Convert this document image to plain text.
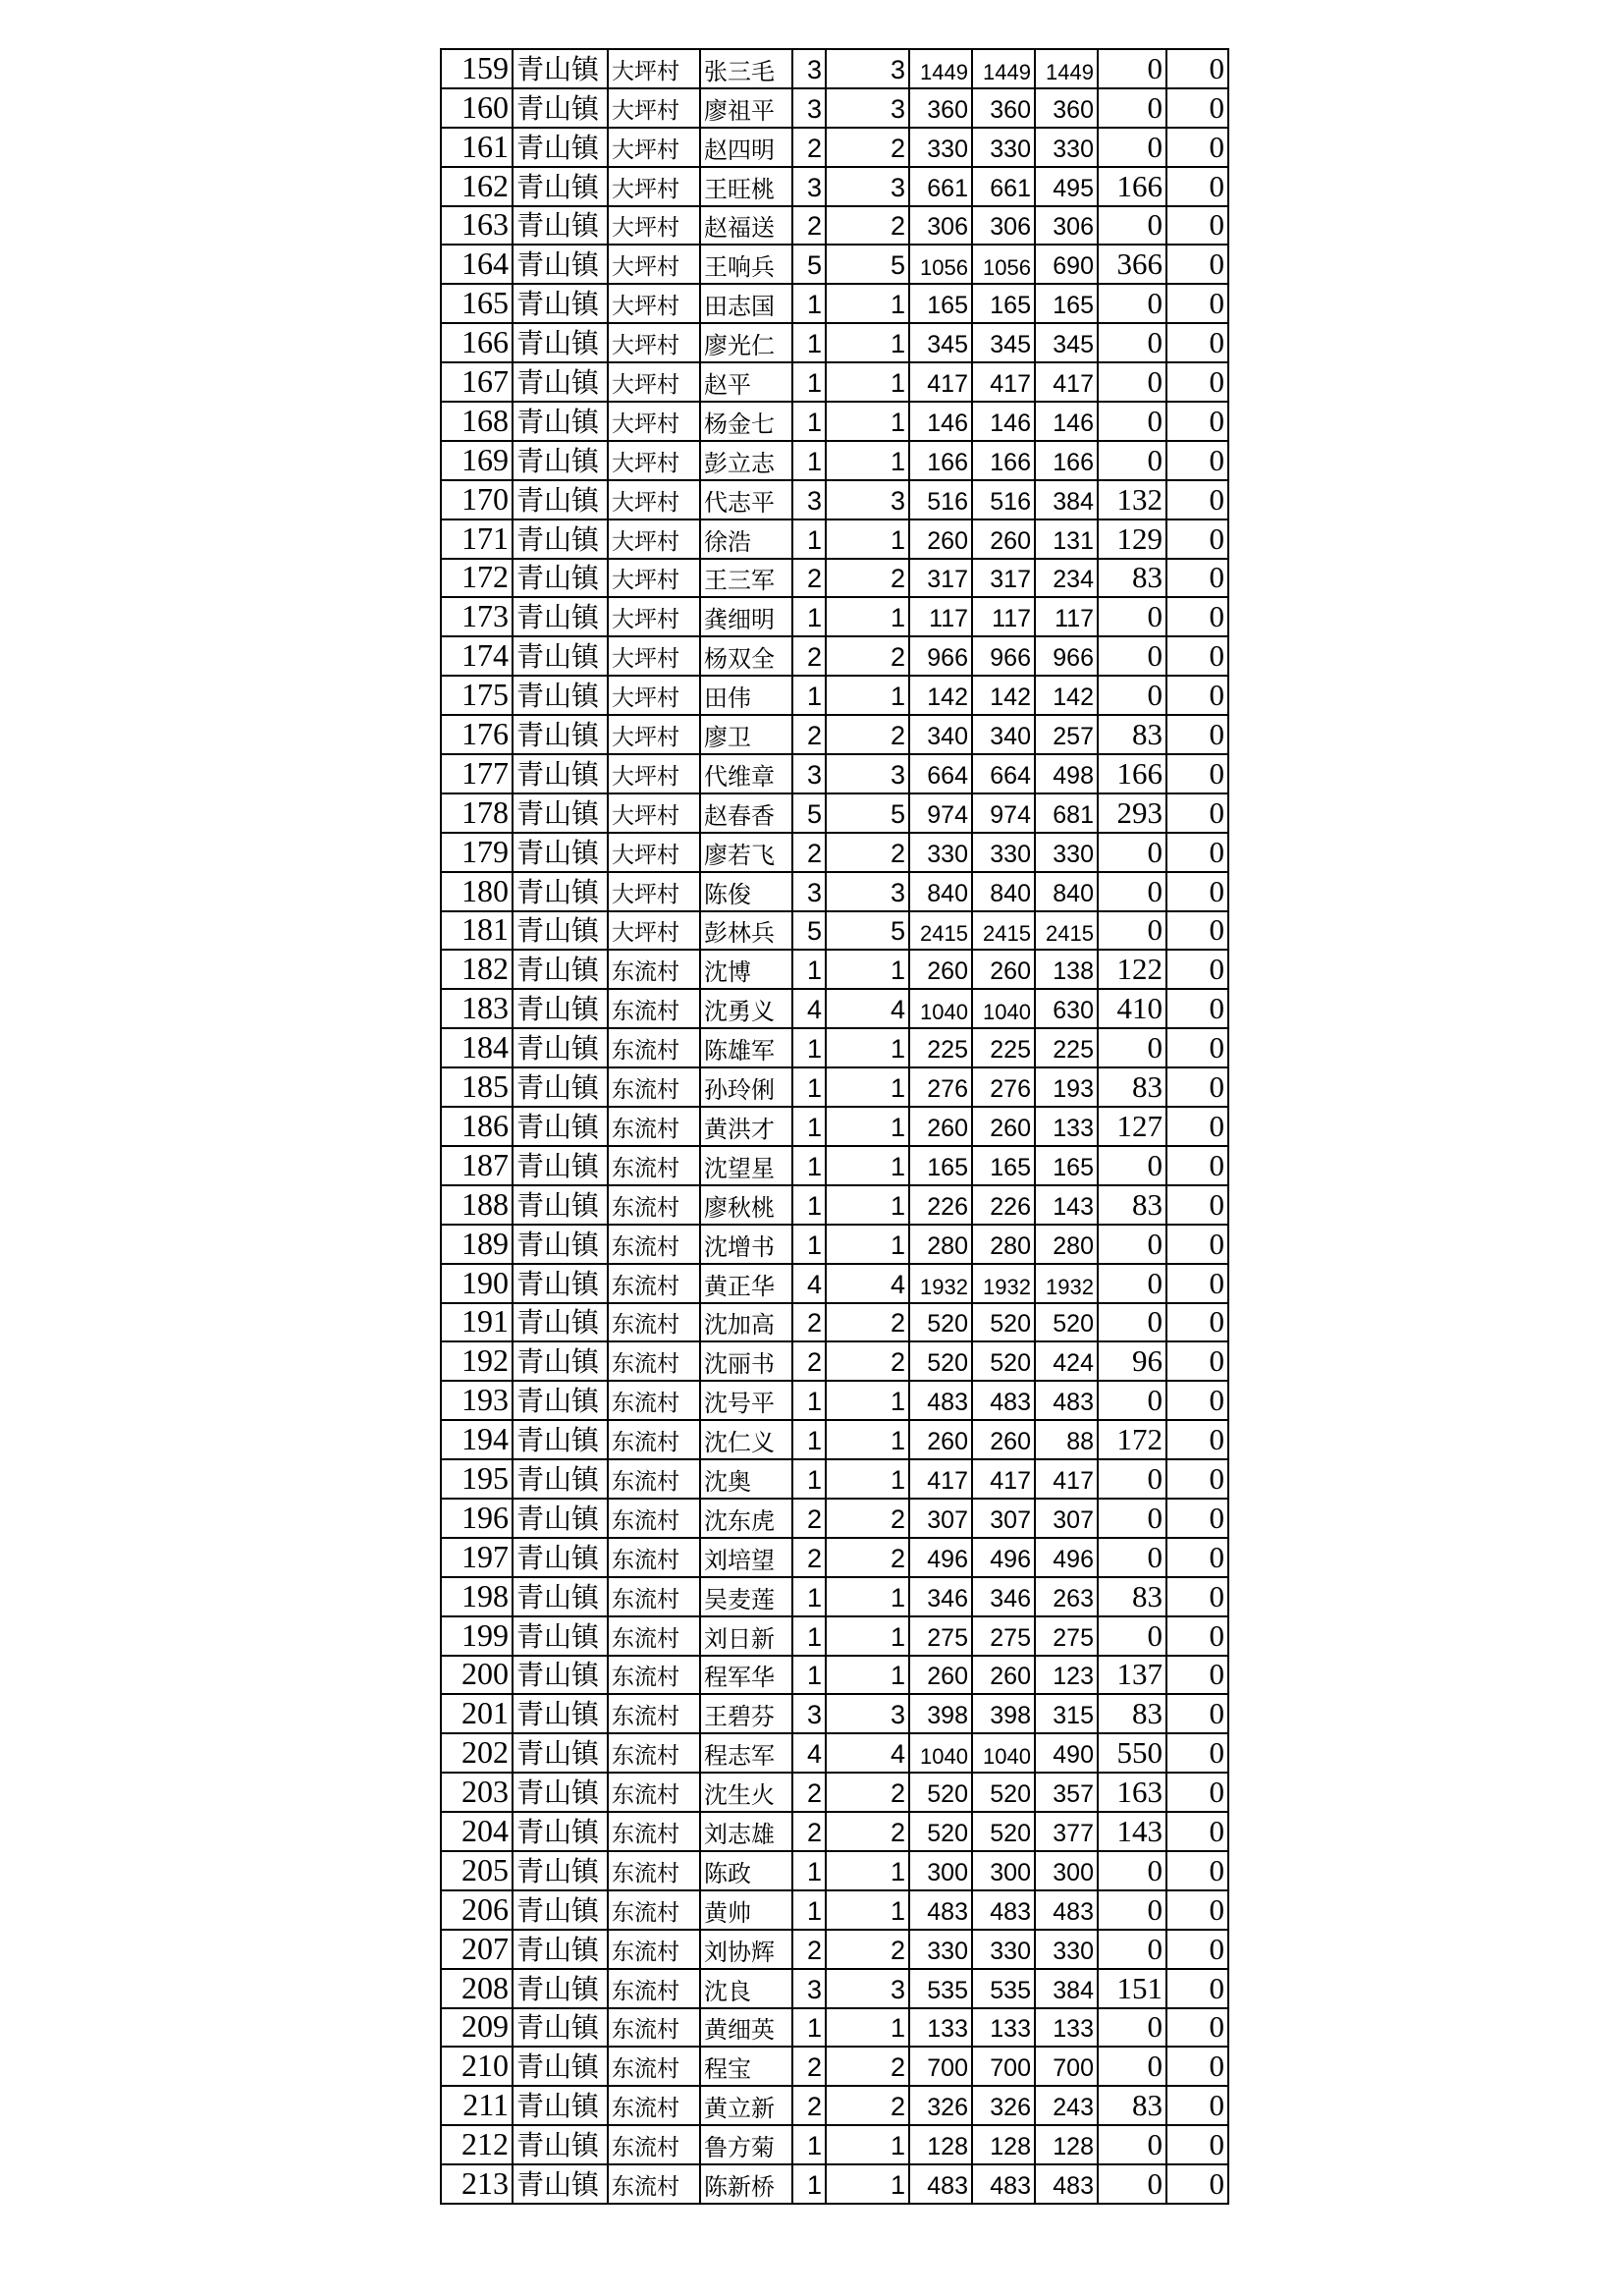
159	青山镇	大坪村	张三毛	3	3	1449	1449	1449	0	0
160	青山镇	大坪村	廖祖平	3	3	360	360	360	0	0
161	青山镇	大坪村	赵四明	2	2	330	330	330	0	0
162	青山镇	大坪村	王旺桃	3	3	661	661	495	166	0
163	青山镇	大坪村	赵福送	2	2	306	306	306	0	0
164	青山镇	大坪村	王响兵	5	5	1056	1056	690	366	0
165	青山镇	大坪村	田志国	1	1	165	165	165	0	0
166	青山镇	大坪村	廖光仁	1	1	345	345	345	0	0
167	青山镇	大坪村	赵平	1	1	417	417	417	0	0
168	青山镇	大坪村	杨金七	1	1	146	146	146	0	0
169	青山镇	大坪村	彭立志	1	1	166	166	166	0	0
170	青山镇	大坪村	代志平	3	3	516	516	384	132	0
171	青山镇	大坪村	徐浩	1	1	260	260	131	129	0
172	青山镇	大坪村	王三军	2	2	317	317	234	83	0
173	青山镇	大坪村	龚细明	1	1	117	117	117	0	0
174	青山镇	大坪村	杨双全	2	2	966	966	966	0	0
175	青山镇	大坪村	田伟	1	1	142	142	142	0	0
176	青山镇	大坪村	廖卫	2	2	340	340	257	83	0
177	青山镇	大坪村	代维章	3	3	664	664	498	166	0
178	青山镇	大坪村	赵春香	5	5	974	974	681	293	0
179	青山镇	大坪村	廖若飞	2	2	330	330	330	0	0
180	青山镇	大坪村	陈俊	3	3	840	840	840	0	0
181	青山镇	大坪村	彭林兵	5	5	2415	2415	2415	0	0
182	青山镇	东流村	沈博	1	1	260	260	138	122	0
183	青山镇	东流村	沈勇义	4	4	1040	1040	630	410	0
184	青山镇	东流村	陈雄军	1	1	225	225	225	0	0
185	青山镇	东流村	孙玲俐	1	1	276	276	193	83	0
186	青山镇	东流村	黄洪才	1	1	260	260	133	127	0
187	青山镇	东流村	沈望星	1	1	165	165	165	0	0
188	青山镇	东流村	廖秋桃	1	1	226	226	143	83	0
189	青山镇	东流村	沈增书	1	1	280	280	280	0	0
190	青山镇	东流村	黄正华	4	4	1932	1932	1932	0	0
191	青山镇	东流村	沈加高	2	2	520	520	520	0	0
192	青山镇	东流村	沈丽书	2	2	520	520	424	96	0
193	青山镇	东流村	沈号平	1	1	483	483	483	0	0
194	青山镇	东流村	沈仁义	1	1	260	260	88	172	0
195	青山镇	东流村	沈奥	1	1	417	417	417	0	0
196	青山镇	东流村	沈东虎	2	2	307	307	307	0	0
197	青山镇	东流村	刘培望	2	2	496	496	496	0	0
198	青山镇	东流村	吴麦莲	1	1	346	346	263	83	0
199	青山镇	东流村	刘日新	1	1	275	275	275	0	0
200	青山镇	东流村	程军华	1	1	260	260	123	137	0
201	青山镇	东流村	王碧芬	3	3	398	398	315	83	0
202	青山镇	东流村	程志军	4	4	1040	1040	490	550	0
203	青山镇	东流村	沈生火	2	2	520	520	357	163	0
204	青山镇	东流村	刘志雄	2	2	520	520	377	143	0
205	青山镇	东流村	陈政	1	1	300	300	300	0	0
206	青山镇	东流村	黄帅	1	1	483	483	483	0	0
207	青山镇	东流村	刘协辉	2	2	330	330	330	0	0
208	青山镇	东流村	沈良	3	3	535	535	384	151	0
209	青山镇	东流村	黄细英	1	1	133	133	133	0	0
210	青山镇	东流村	程宝	2	2	700	700	700	0	0
211	青山镇	东流村	黄立新	2	2	326	326	243	83	0
212	青山镇	东流村	鲁方菊	1	1	128	128	128	0	0
213	青山镇	东流村	陈新桥	1	1	483	483	483	0	0
